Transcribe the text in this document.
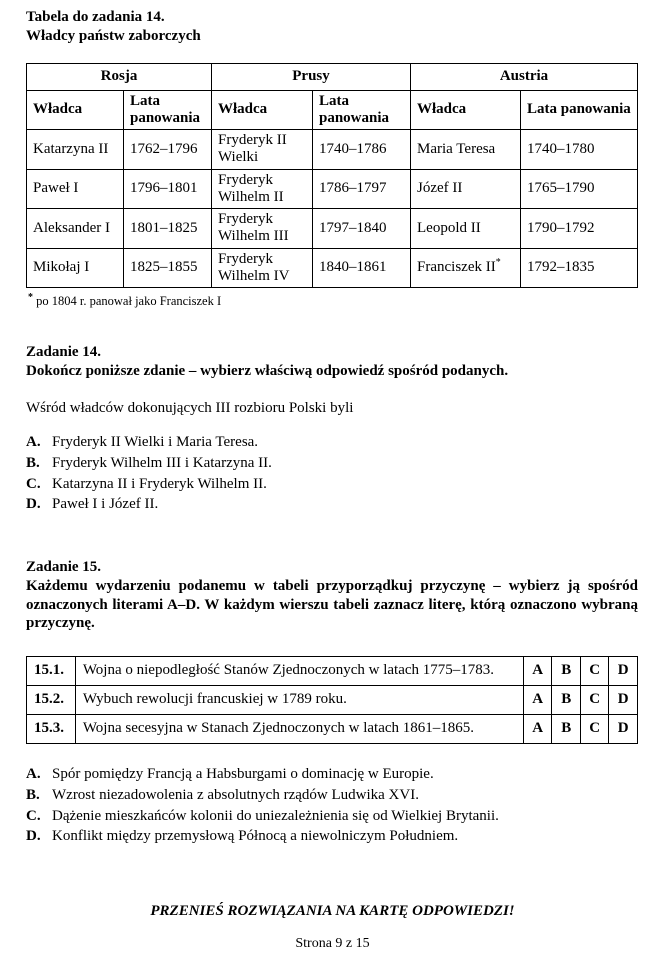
Tabela do zadania 14.
Władcy państw zaborczych
Rosja		Prusy		Austria	
Władca	Lata panowania	Władca	Lata panowania	Władca	Lata panowania
Katarzyna II	1762–1796	Fryderyk II Wielki	1740–1786	Maria Teresa	1740–1780
Paweł I	1796–1801	Fryderyk Wilhelm II	1786–1797	Józef II	1765–1790
Aleksander I	1801–1825	Fryderyk Wilhelm III	1797–1840	Leopold II	1790–1792
Mikołaj I	1825–1855	Fryderyk Wilhelm IV	1840–1861	Franciszek II*	1792–1835
* po 1804 r. panował jako Franciszek I
Zadanie 14.
Dokończ poniższe zdanie – wybierz właściwą odpowiedź spośród podanych.
Wśród władców dokonujących III rozbioru Polski byli
A. Fryderyk II Wielki i Maria Teresa.
B. Fryderyk Wilhelm III i Katarzyna II.
C. Katarzyna II i Fryderyk Wilhelm II.
D. Paweł I i Józef II.
Zadanie 15.
Każdemu wydarzeniu podanemu w tabeli przyporządkuj przyczynę – wybierz ją spośród oznaczonych literami A–D. W każdym wierszu tabeli zaznacz literę, którą oznaczono wybraną przyczynę.
15.1.	Wojna o niepodległość Stanów Zjednoczonych w latach 1775–1783.	A	B	C	D
15.2.	Wybuch rewolucji francuskiej w 1789 roku.	A	B	C	D
15.3.	Wojna secesyjna w Stanach Zjednoczonych w latach 1861–1865.	A	B	C	D
A. Spór pomiędzy Francją a Habsburgami o dominację w Europie.
B. Wzrost niezadowolenia z absolutnych rządów Ludwika XVI.
C. Dążenie mieszkańców kolonii do uniezależnienia się od Wielkiej Brytanii.
D. Konflikt między przemysłową Północą a niewolniczym Południem.
PRZENIEŚ ROZWIĄZANIA NA KARTĘ ODPOWIEDZI!
Strona 9 z 15
